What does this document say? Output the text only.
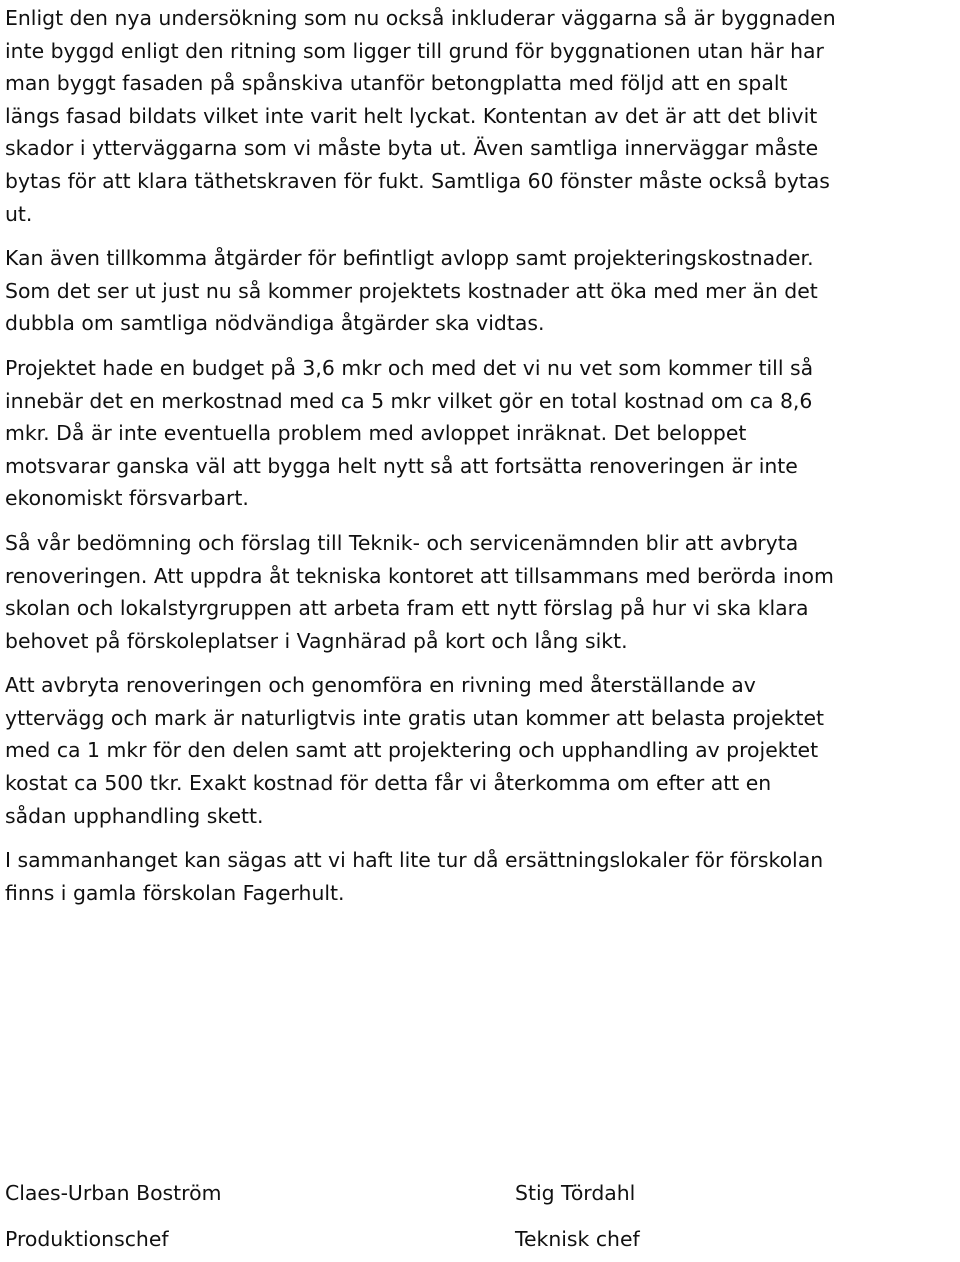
Enligt den nya undersökning som nu också inkluderar väggarna så är byggnaden
inte byggd enligt den ritning som ligger till grund för byggnationen utan här har
man byggt fasaden på spånskiva utanför betongplatta med följd att en spalt
längs fasad bildats vilket inte varit helt lyckat. Kontentan av det är att det blivit
skador i ytterväggarna som vi måste byta ut. Även samtliga innerväggar måste
bytas för att klara täthetskraven för fukt. Samtliga 60 fönster måste också bytas
ut.
Kan även tillkomma åtgärder för befintligt avlopp samt projekteringskostnader.
Som det ser ut just nu så kommer projektets kostnader att öka med mer än det
dubbla om samtliga nödvändiga åtgärder ska vidtas.
Projektet hade en budget på 3,6 mkr och med det vi nu vet som kommer till så
innebär det en merkostnad med ca 5 mkr vilket gör en total kostnad om ca 8,6
mkr. Då är inte eventuella problem med avloppet inräknat. Det beloppet
motsvarar ganska väl att bygga helt nytt så att fortsätta renoveringen är inte
ekonomiskt försvarbart.
Så vår bedömning och förslag till Teknik- och servicenämnden blir att avbryta
renoveringen. Att uppdra åt tekniska kontoret att tillsammans med berörda inom
skolan och lokalstyrgruppen att arbeta fram ett nytt förslag på hur vi ska klara
behovet på förskoleplatser i Vagnhärad på kort och lång sikt.
Att avbryta renoveringen och genomföra en rivning med återställande av
yttervägg och mark är naturligtvis inte gratis utan kommer att belasta projektet
med ca 1 mkr för den delen samt att projektering och upphandling av projektet
kostat ca 500 tkr. Exakt kostnad för detta får vi återkomma om efter att en
sådan upphandling skett.
I sammanhanget kan sägas att vi haft lite tur då ersättningslokaler för förskolan
finns i gamla förskolan Fagerhult.
Claes-Urban Boström
Produktionschef
Stig Tördahl
Teknisk chef
